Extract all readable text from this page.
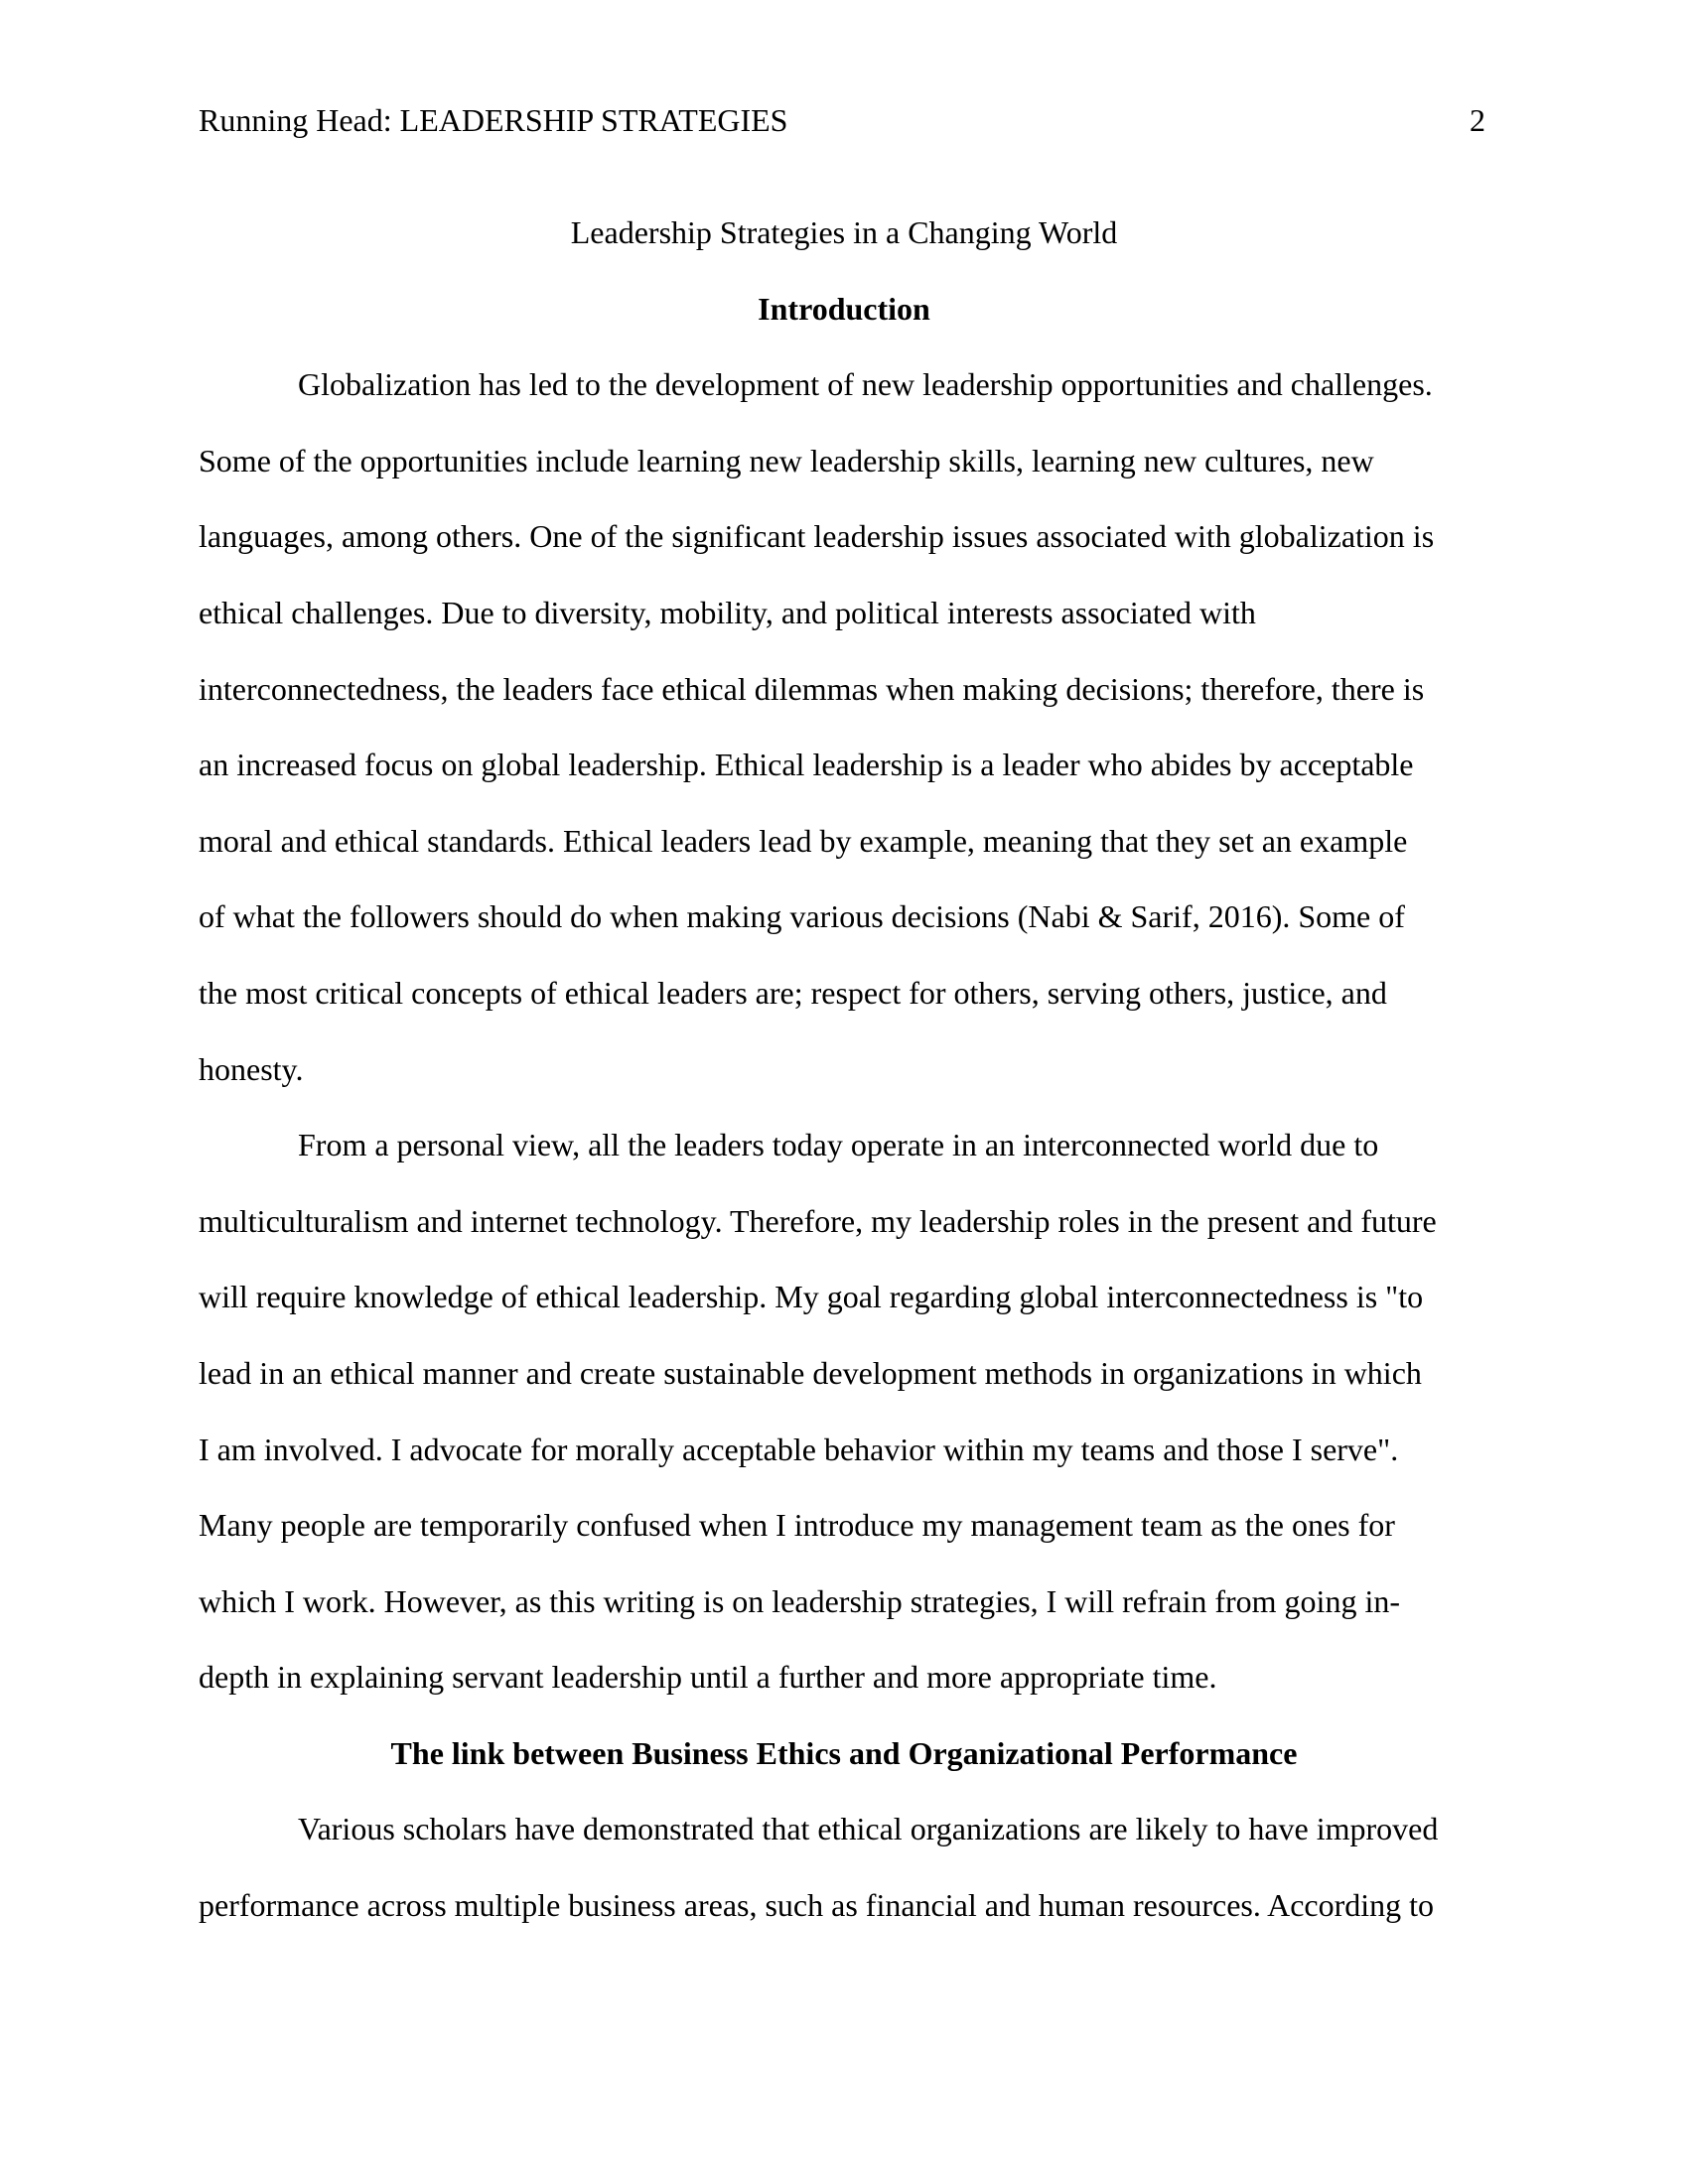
Running Head: LEADERSHIP STRATEGIES	2

Leadership Strategies in a Changing World

Introduction

Globalization has led to the development of new leadership opportunities and challenges.
Some of the opportunities include learning new leadership skills, learning new cultures, new
languages, among others. One of the significant leadership issues associated with globalization is
ethical challenges. Due to diversity, mobility, and political interests associated with
interconnectedness, the leaders face ethical dilemmas when making decisions; therefore, there is
an increased focus on global leadership. Ethical leadership is a leader who abides by acceptable
moral and ethical standards. Ethical leaders lead by example, meaning that they set an example
of what the followers should do when making various decisions (Nabi & Sarif, 2016). Some of
the most critical concepts of ethical leaders are; respect for others, serving others, justice, and
honesty.

From a personal view, all the leaders today operate in an interconnected world due to
multiculturalism and internet technology. Therefore, my leadership roles in the present and future
will require knowledge of ethical leadership. My goal regarding global interconnectedness is "to
lead in an ethical manner and create sustainable development methods in organizations in which
I am involved. I advocate for morally acceptable behavior within my teams and those I serve".
Many people are temporarily confused when I introduce my management team as the ones for
which I work. However, as this writing is on leadership strategies, I will refrain from going in-
depth in explaining servant leadership until a further and more appropriate time.

The link between Business Ethics and Organizational Performance

Various scholars have demonstrated that ethical organizations are likely to have improved
performance across multiple business areas, such as financial and human resources. According to
